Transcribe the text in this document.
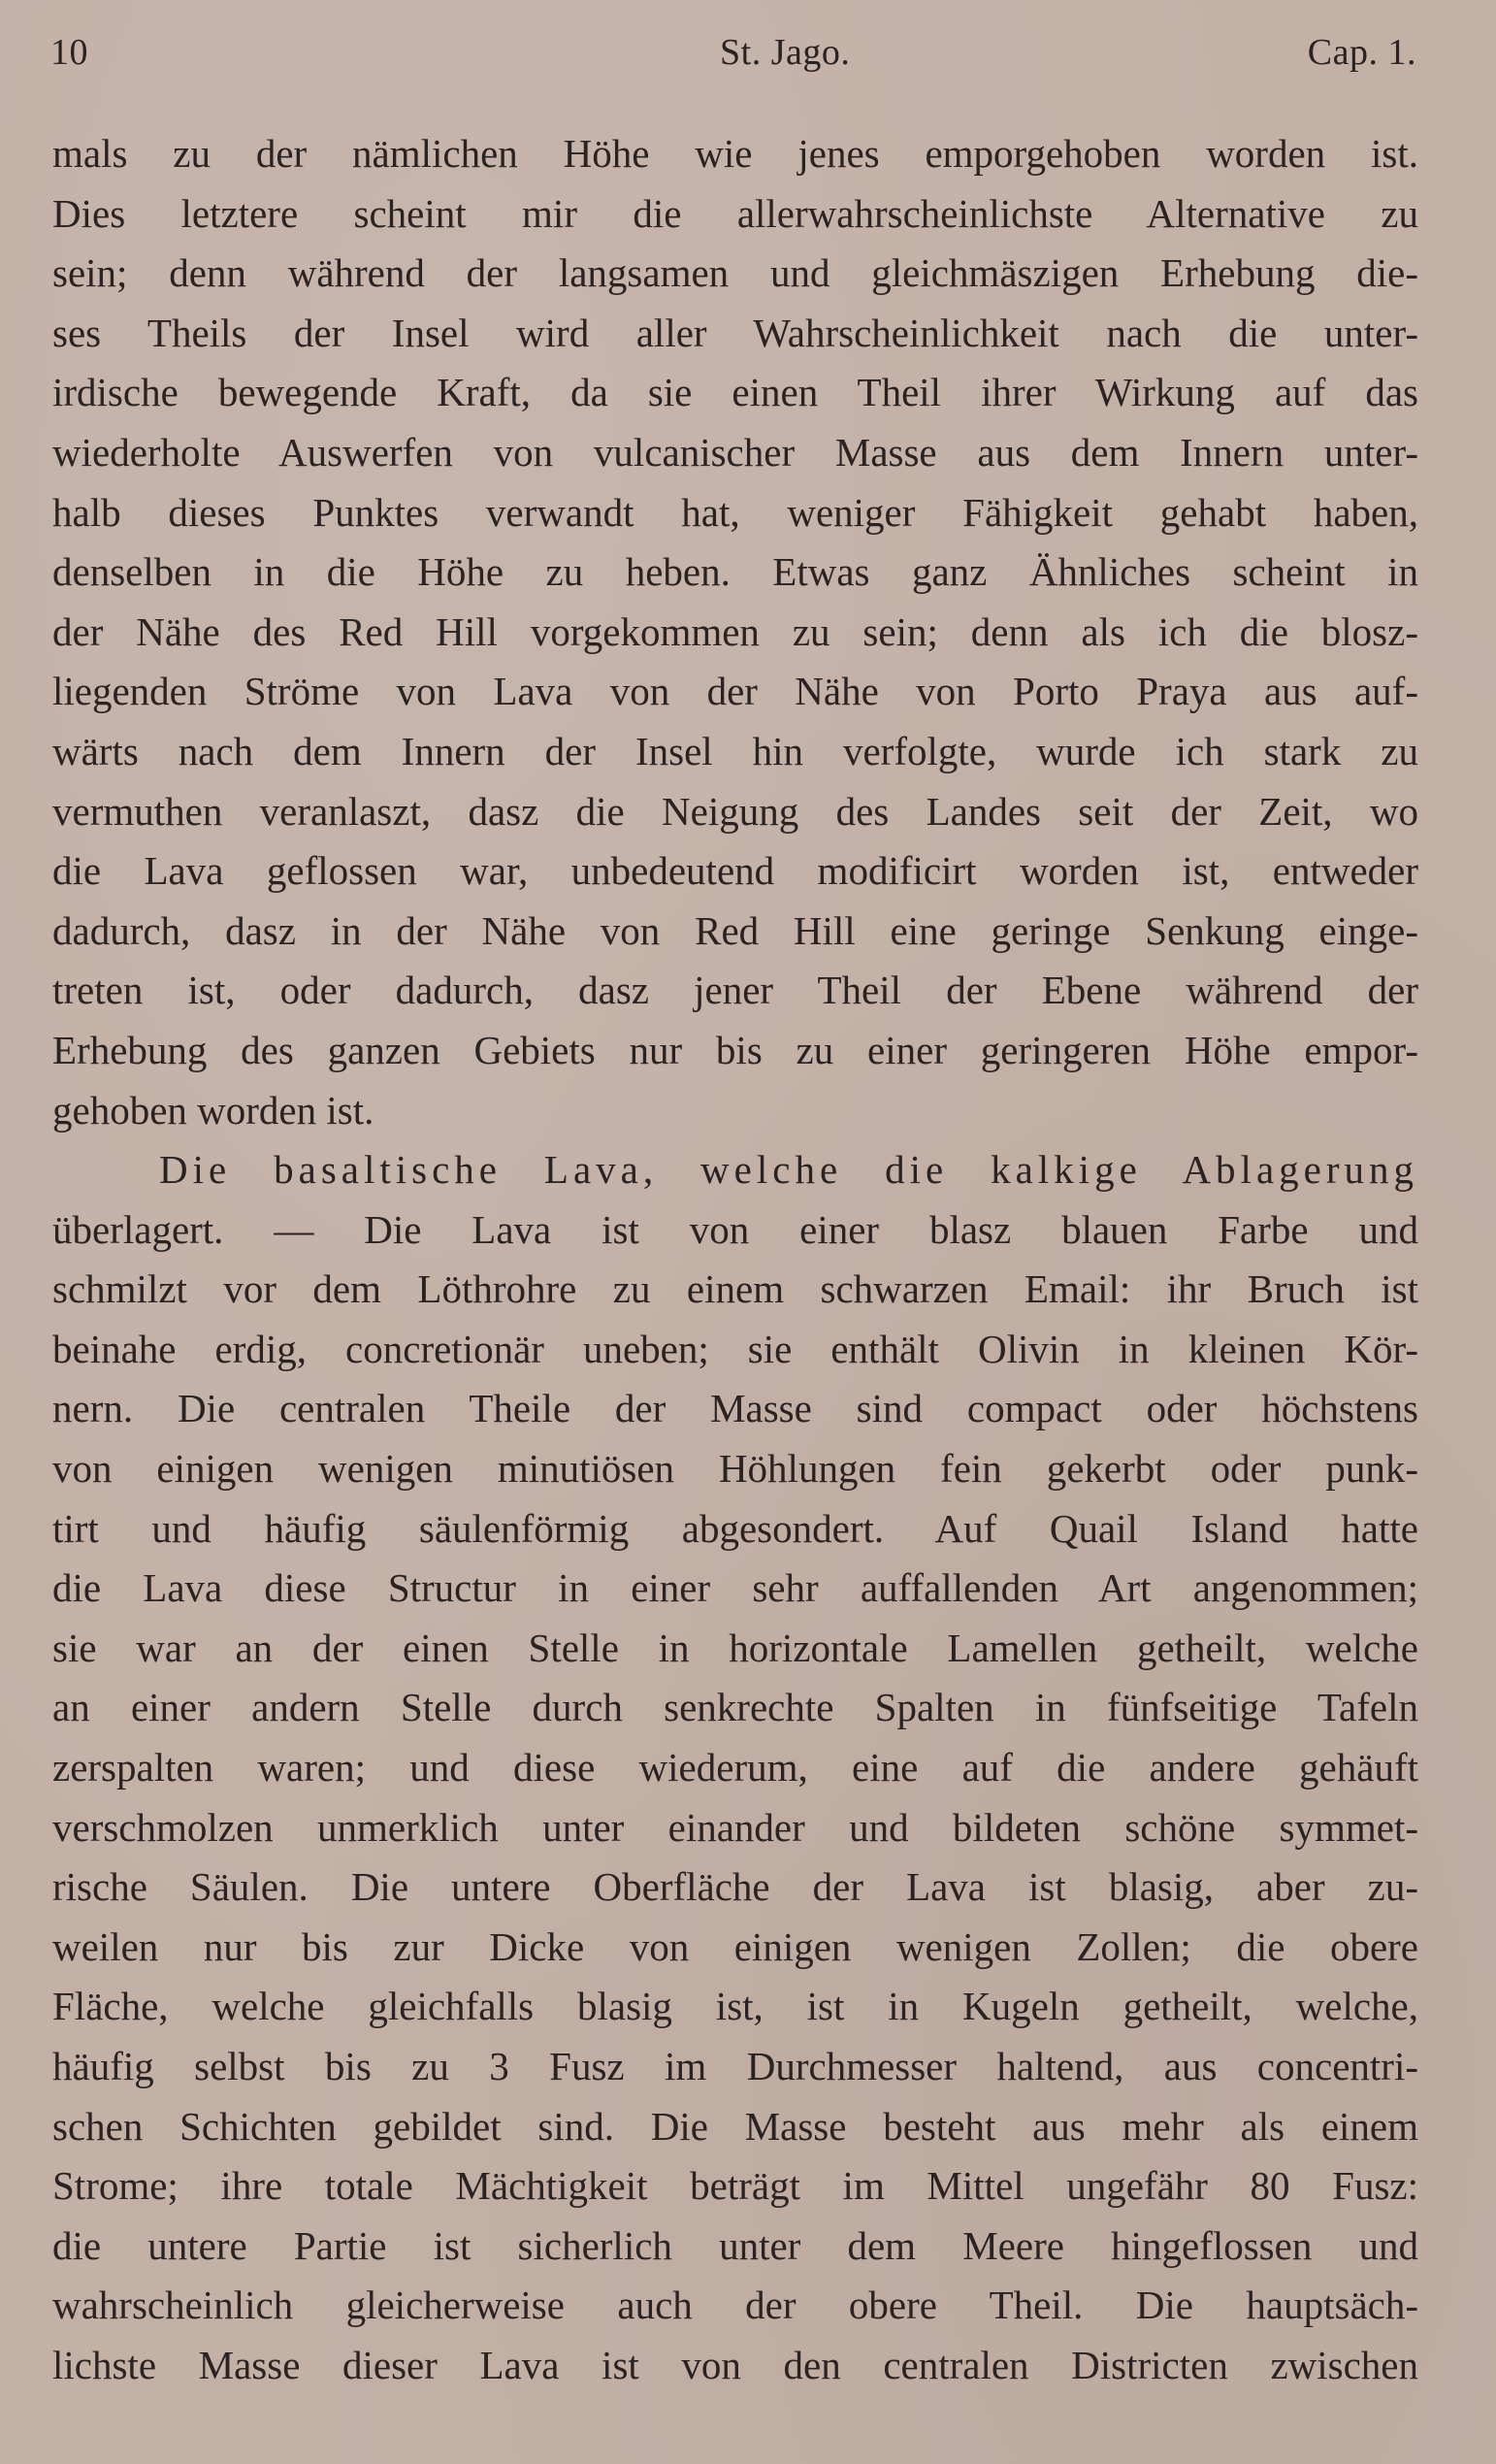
10	St. Jago.	Cap. 1.
mals zu der nämlichen Höhe wie jenes emporgehoben worden ist.
Dies letztere scheint mir die allerwahrscheinlichste Alternative zu
sein; denn während der langsamen und gleichmäszigen Erhebung die-
ses Theils der Insel wird aller Wahrscheinlichkeit nach die unter-
irdische bewegende Kraft, da sie einen Theil ihrer Wirkung auf das
wiederholte Auswerfen von vulcanischer Masse aus dem Innern unter-
halb dieses Punktes verwandt hat, weniger Fähigkeit gehabt haben,
denselben in die Höhe zu heben. Etwas ganz Ähnliches scheint in
der Nähe des Red Hill vorgekommen zu sein; denn als ich die blosz-
liegenden Ströme von Lava von der Nähe von Porto Praya aus auf-
wärts nach dem Innern der Insel hin verfolgte, wurde ich stark zu
vermuthen veranlaszt, dasz die Neigung des Landes seit der Zeit, wo
die Lava geflossen war, unbedeutend modificirt worden ist, entweder
dadurch, dasz in der Nähe von Red Hill eine geringe Senkung einge-
treten ist, oder dadurch, dasz jener Theil der Ebene während der
Erhebung des ganzen Gebiets nur bis zu einer geringeren Höhe empor-
gehoben worden ist.
Die basaltische Lava, welche die kalkige Ablagerung
überlagert. — Die Lava ist von einer blasz blauen Farbe und
schmilzt vor dem Löthrohre zu einem schwarzen Email: ihr Bruch ist
beinahe erdig, concretionär uneben; sie enthält Olivin in kleinen Kör-
nern. Die centralen Theile der Masse sind compact oder höchstens
von einigen wenigen minutiösen Höhlungen fein gekerbt oder punk-
tirt und häufig säulenförmig abgesondert. Auf Quail Island hatte
die Lava diese Structur in einer sehr auffallenden Art angenommen;
sie war an der einen Stelle in horizontale Lamellen getheilt, welche
an einer andern Stelle durch senkrechte Spalten in fünfseitige Tafeln
zerspalten waren; und diese wiederum, eine auf die andere gehäuft
verschmolzen unmerklich unter einander und bildeten schöne symmet-
rische Säulen. Die untere Oberfläche der Lava ist blasig, aber zu-
weilen nur bis zur Dicke von einigen wenigen Zollen; die obere
Fläche, welche gleichfalls blasig ist, ist in Kugeln getheilt, welche,
häufig selbst bis zu 3 Fusz im Durchmesser haltend, aus concentri-
schen Schichten gebildet sind. Die Masse besteht aus mehr als einem
Strome; ihre totale Mächtigkeit beträgt im Mittel ungefähr 80 Fusz:
die untere Partie ist sicherlich unter dem Meere hingeflossen und
wahrscheinlich gleicherweise auch der obere Theil. Die hauptsäch-
lichste Masse dieser Lava ist von den centralen Districten zwischen
